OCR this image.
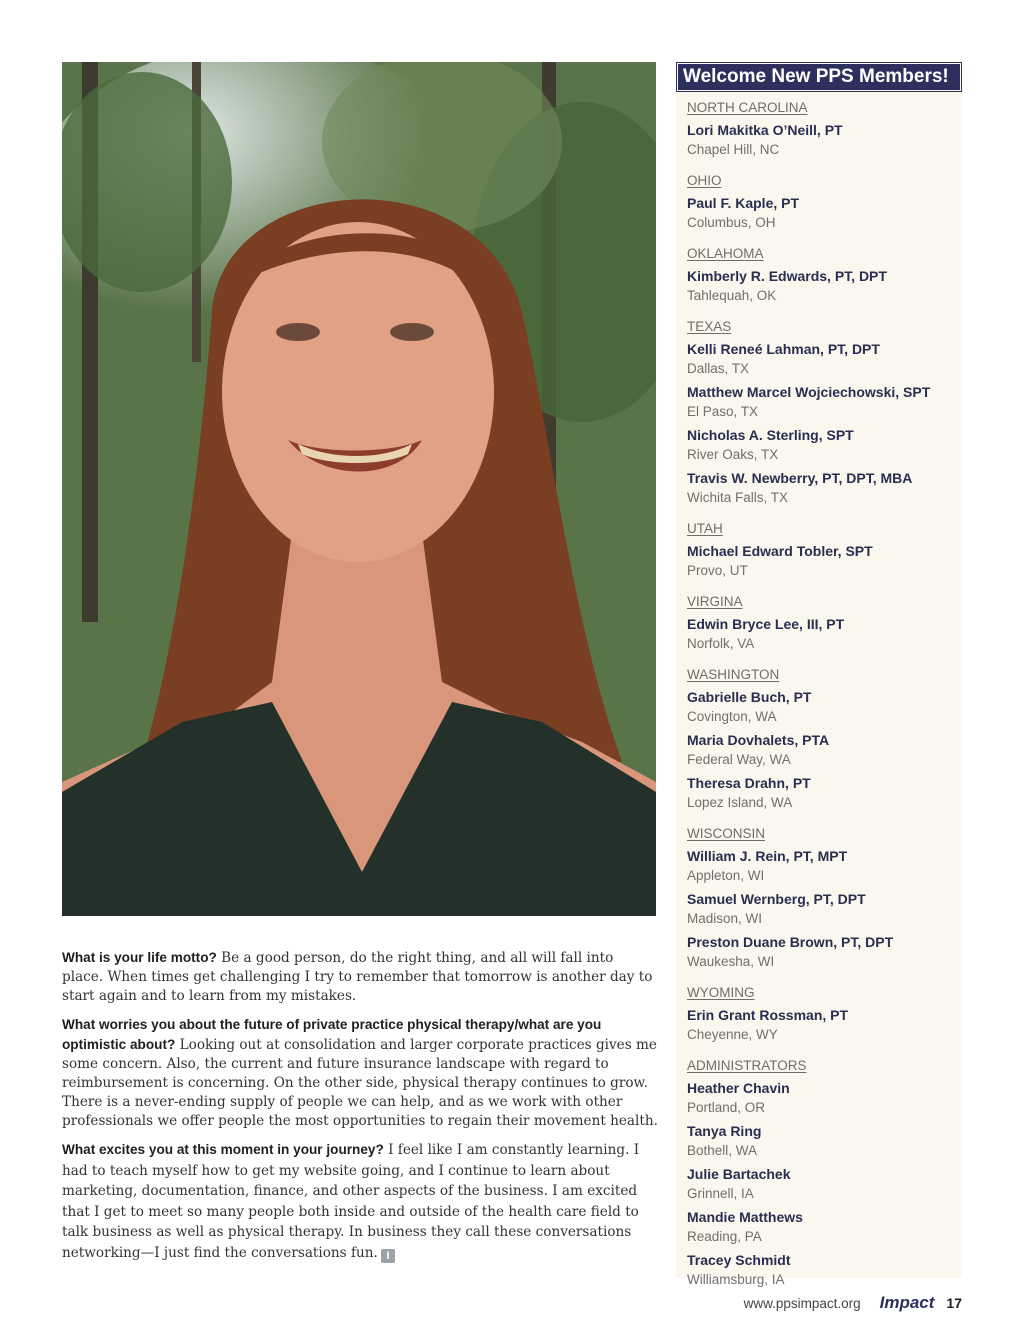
What is your life motto? Be a good person, do the right thing, and all will fall into place. When times get challenging I try to remember that tomorrow is another day to start again and to learn from my mistakes.

What worries you about the future of private practice physical therapy/what are you optimistic about? Looking out at consolidation and larger corporate practices gives me some concern. Also, the current and future insurance landscape with regard to reimbursement is concerning. On the other side, physical therapy continues to grow. There is a never-ending supply of people we can help, and as we work with other professionals we offer people the most opportunities to regain their movement health.

What excites you at this moment in your journey? I feel like I am constantly learning. I had to teach myself how to get my website going, and I continue to learn about marketing, documentation, finance, and other aspects of the business. I am excited that I get to meet so many people both inside and outside of the health care field to talk business as well as physical therapy. In business they call these conversations networking—I just find the conversations fun. I

Welcome New PPS Members!
NORTH CAROLINA
Lori Makitka O’Neill, PT
Chapel Hill, NC
OHIO
Paul F. Kaple, PT
Columbus, OH
OKLAHOMA
Kimberly R. Edwards, PT, DPT
Tahlequah, OK
TEXAS
Kelli Reneé Lahman, PT, DPT
Dallas, TX
Matthew Marcel Wojciechowski, SPT
El Paso, TX
Nicholas A. Sterling, SPT
River Oaks, TX
Travis W. Newberry, PT, DPT, MBA
Wichita Falls, TX
UTAH
Michael Edward Tobler, SPT
Provo, UT
VIRGINA
Edwin Bryce Lee, III, PT
Norfolk, VA
WASHINGTON
Gabrielle Buch, PT
Covington, WA
Maria Dovhalets, PTA
Federal Way, WA
Theresa Drahn, PT
Lopez Island, WA
WISCONSIN
William J. Rein, PT, MPT
Appleton, WI
Samuel Wernberg, PT, DPT
Madison, WI
Preston Duane Brown, PT, DPT
Waukesha, WI
WYOMING
Erin Grant Rossman, PT
Cheyenne, WY
ADMINISTRATORS
Heather Chavin
Portland, OR
Tanya Ring
Bothell, WA
Julie Bartachek
Grinnell, IA
Mandie Matthews
Reading, PA
Tracey Schmidt
Williamsburg, IA
www.ppsimpact.org Impact 17
